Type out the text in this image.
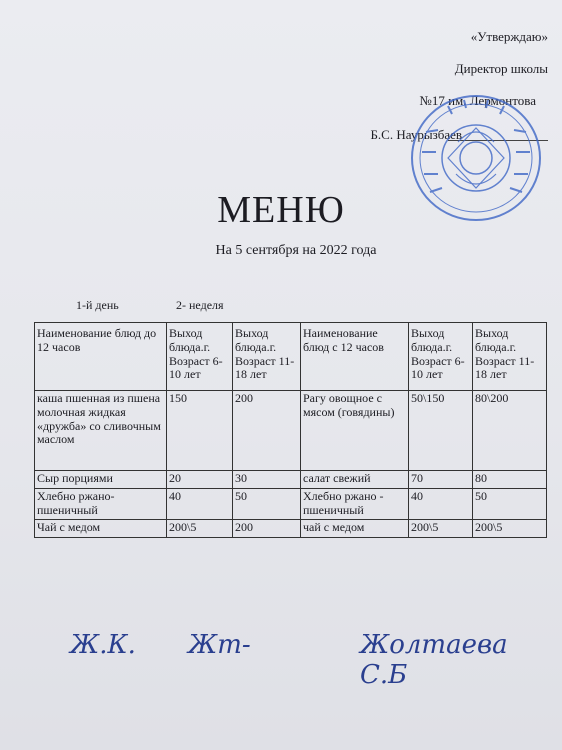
«Утверждаю»
Директор школы
№17 им. Лермонтова
Б.С. Наурызбаев
МЕНЮ
На 5 сентября на 2022 года
1-й день	2- неделя
Наименование блюд до 12 часов	Выход блюда.г. Возраст 6-10 лет	Выход блюда.г. Возраст 11-18 лет	Наименование блюд с 12 часов	Выход блюда.г. Возраст 6-10 лет	Выход блюда.г. Возраст 11-18 лет
каша пшенная из пшена молочная жидкая «дружба» со сливочным маслом	150	200	Рагу овощное с мясом (говядины)	50\150	80\200
Сыр порциями	20	30	салат свежий	70	80
Хлебно ржано-пшеничный	40	50	Хлебно ржано - пшеничный	40	50
Чай с медом	200\5	200	чай с медом	200\5	200\5
Ж.К. Жт-	Жолтаева С.Б
